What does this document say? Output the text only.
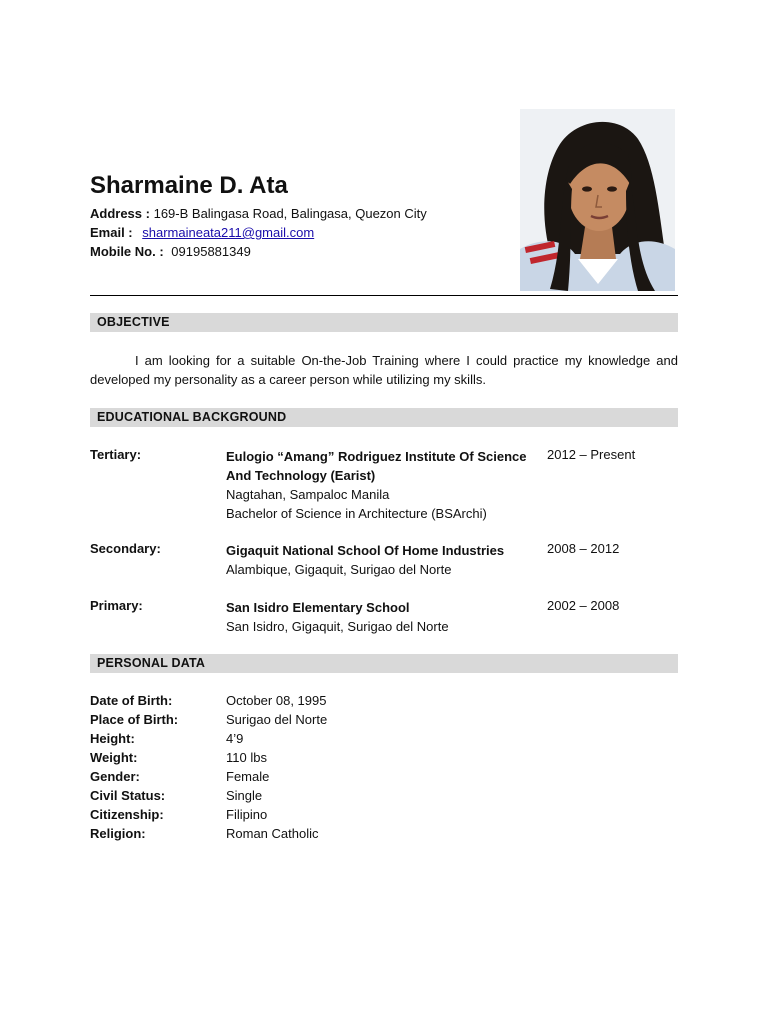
Sharmaine D. Ata
Address : 169-B Balingasa Road, Balingasa, Quezon City
Email : sharmaineata211@gmail.com
Mobile No. : 09195881349
OBJECTIVE
I am looking for a suitable On-the-Job Training where I could practice my knowledge and developed my personality as a career person while utilizing my skills.
EDUCATIONAL BACKGROUND
Tertiary:	Eulogio “Amang” Rodriguez Institute Of Science And Technology (Earist)
Nagtahan, Sampaloc Manila
Bachelor of Science in Architecture (BSArchi)
2012 – Present
Secondary:	Gigaquit National School Of Home Industries
Alambique, Gigaquit, Surigao del Norte
2008 – 2012
Primary:	San Isidro Elementary School
San Isidro, Gigaquit, Surigao del Norte
2002 – 2008
PERSONAL DATA
Date of Birth:	October 08, 1995
Place of Birth:	Surigao del Norte
Height:	4’9
Weight:	110 lbs
Gender:	Female
Civil Status:	Single
Citizenship:	Filipino
Religion:	Roman Catholic
